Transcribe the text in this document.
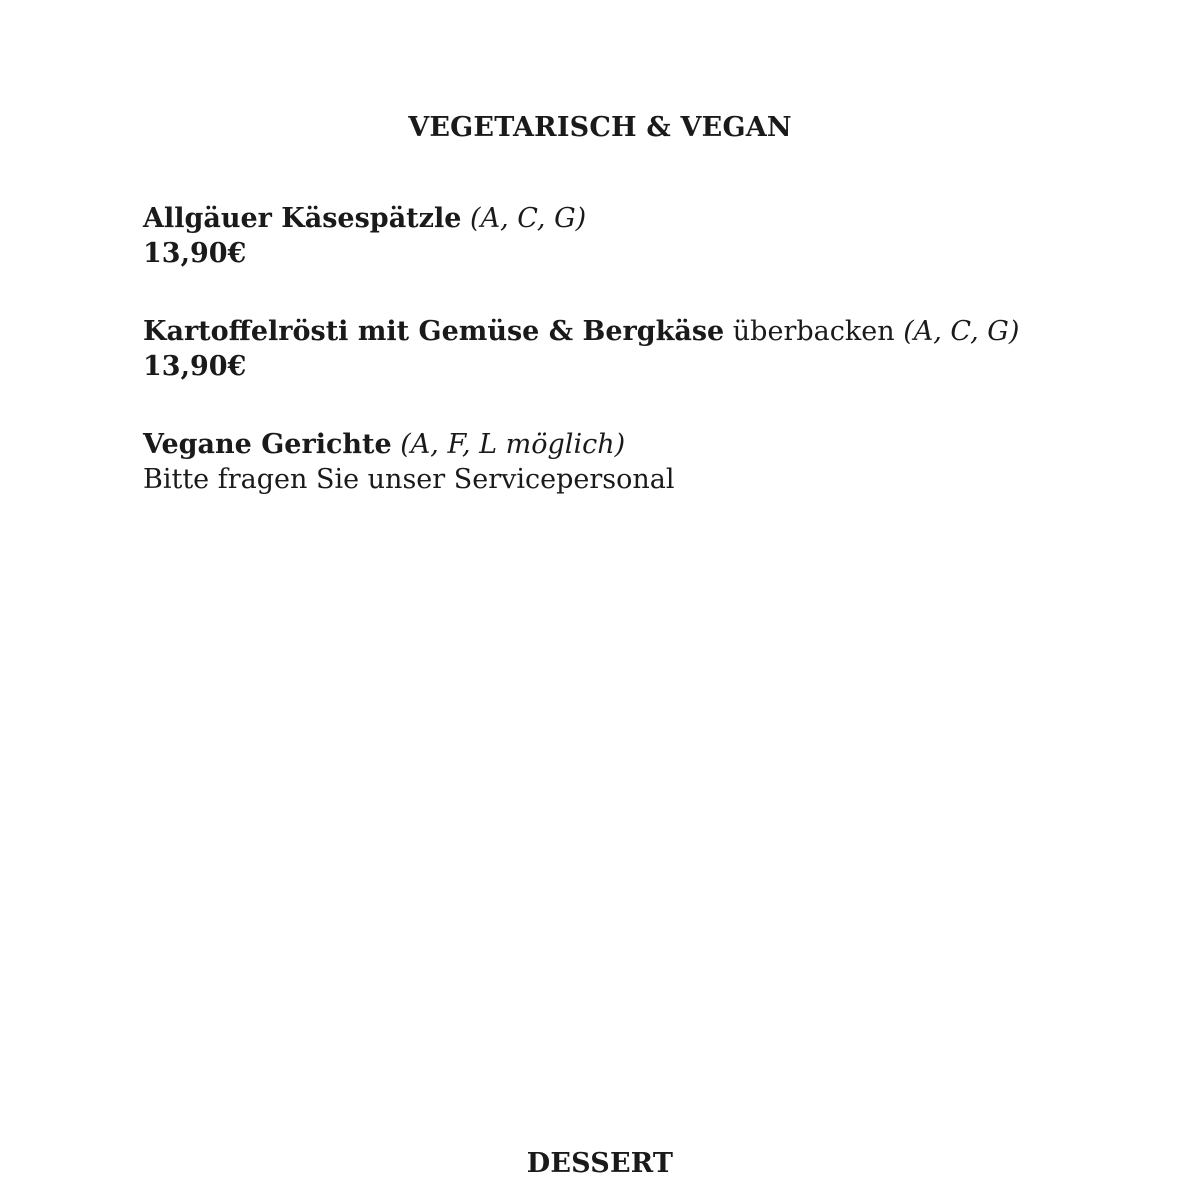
VEGETARISCH & VEGAN
Allgäuer Käsespätzle (A, C, G)
13,90€
Kartoffelrösti mit Gemüse & Bergkäse überbacken (A, C, G)
13,90€
Vegane Gerichte (A, F, L möglich)
Bitte fragen Sie unser Servicepersonal
DESSERT
